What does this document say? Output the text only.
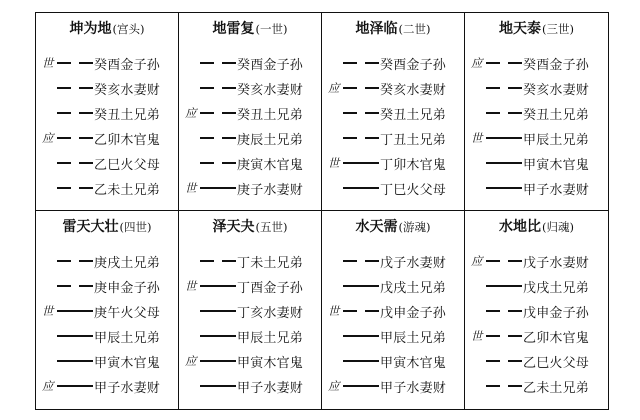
坤为地(宫头)
世	癸酉金子孙
癸亥水妻财
癸丑土兄弟
应	乙卯木官鬼
乙巳火父母
乙未土兄弟
地雷复(一世)
癸酉金子孙
癸亥水妻财
应	癸丑土兄弟
庚辰土兄弟
庚寅木官鬼
世	庚子水妻财
地泽临(二世)
癸酉金子孙
应	癸亥水妻财
癸丑土兄弟
丁丑土兄弟
世	丁卯木官鬼
丁巳火父母
地天泰(三世)
应	癸酉金子孙
癸亥水妻财
癸丑土兄弟
世	甲辰土兄弟
甲寅木官鬼
甲子水妻财
雷天大壮(四世)
庚戌土兄弟
庚申金子孙
世	庚午火父母
甲辰土兄弟
甲寅木官鬼
应	甲子水妻财
泽天夬(五世)
丁未土兄弟
世	丁酉金子孙
丁亥水妻财
甲辰土兄弟
应	甲寅木官鬼
甲子水妻财
水天需(游魂)
戊子水妻财
戊戌土兄弟
世	戊申金子孙
甲辰土兄弟
甲寅木官鬼
应	甲子水妻财
水地比(归魂)
应	戊子水妻财
戊戌土兄弟
戊申金子孙
世	乙卯木官鬼
乙巳火父母
乙未土兄弟
